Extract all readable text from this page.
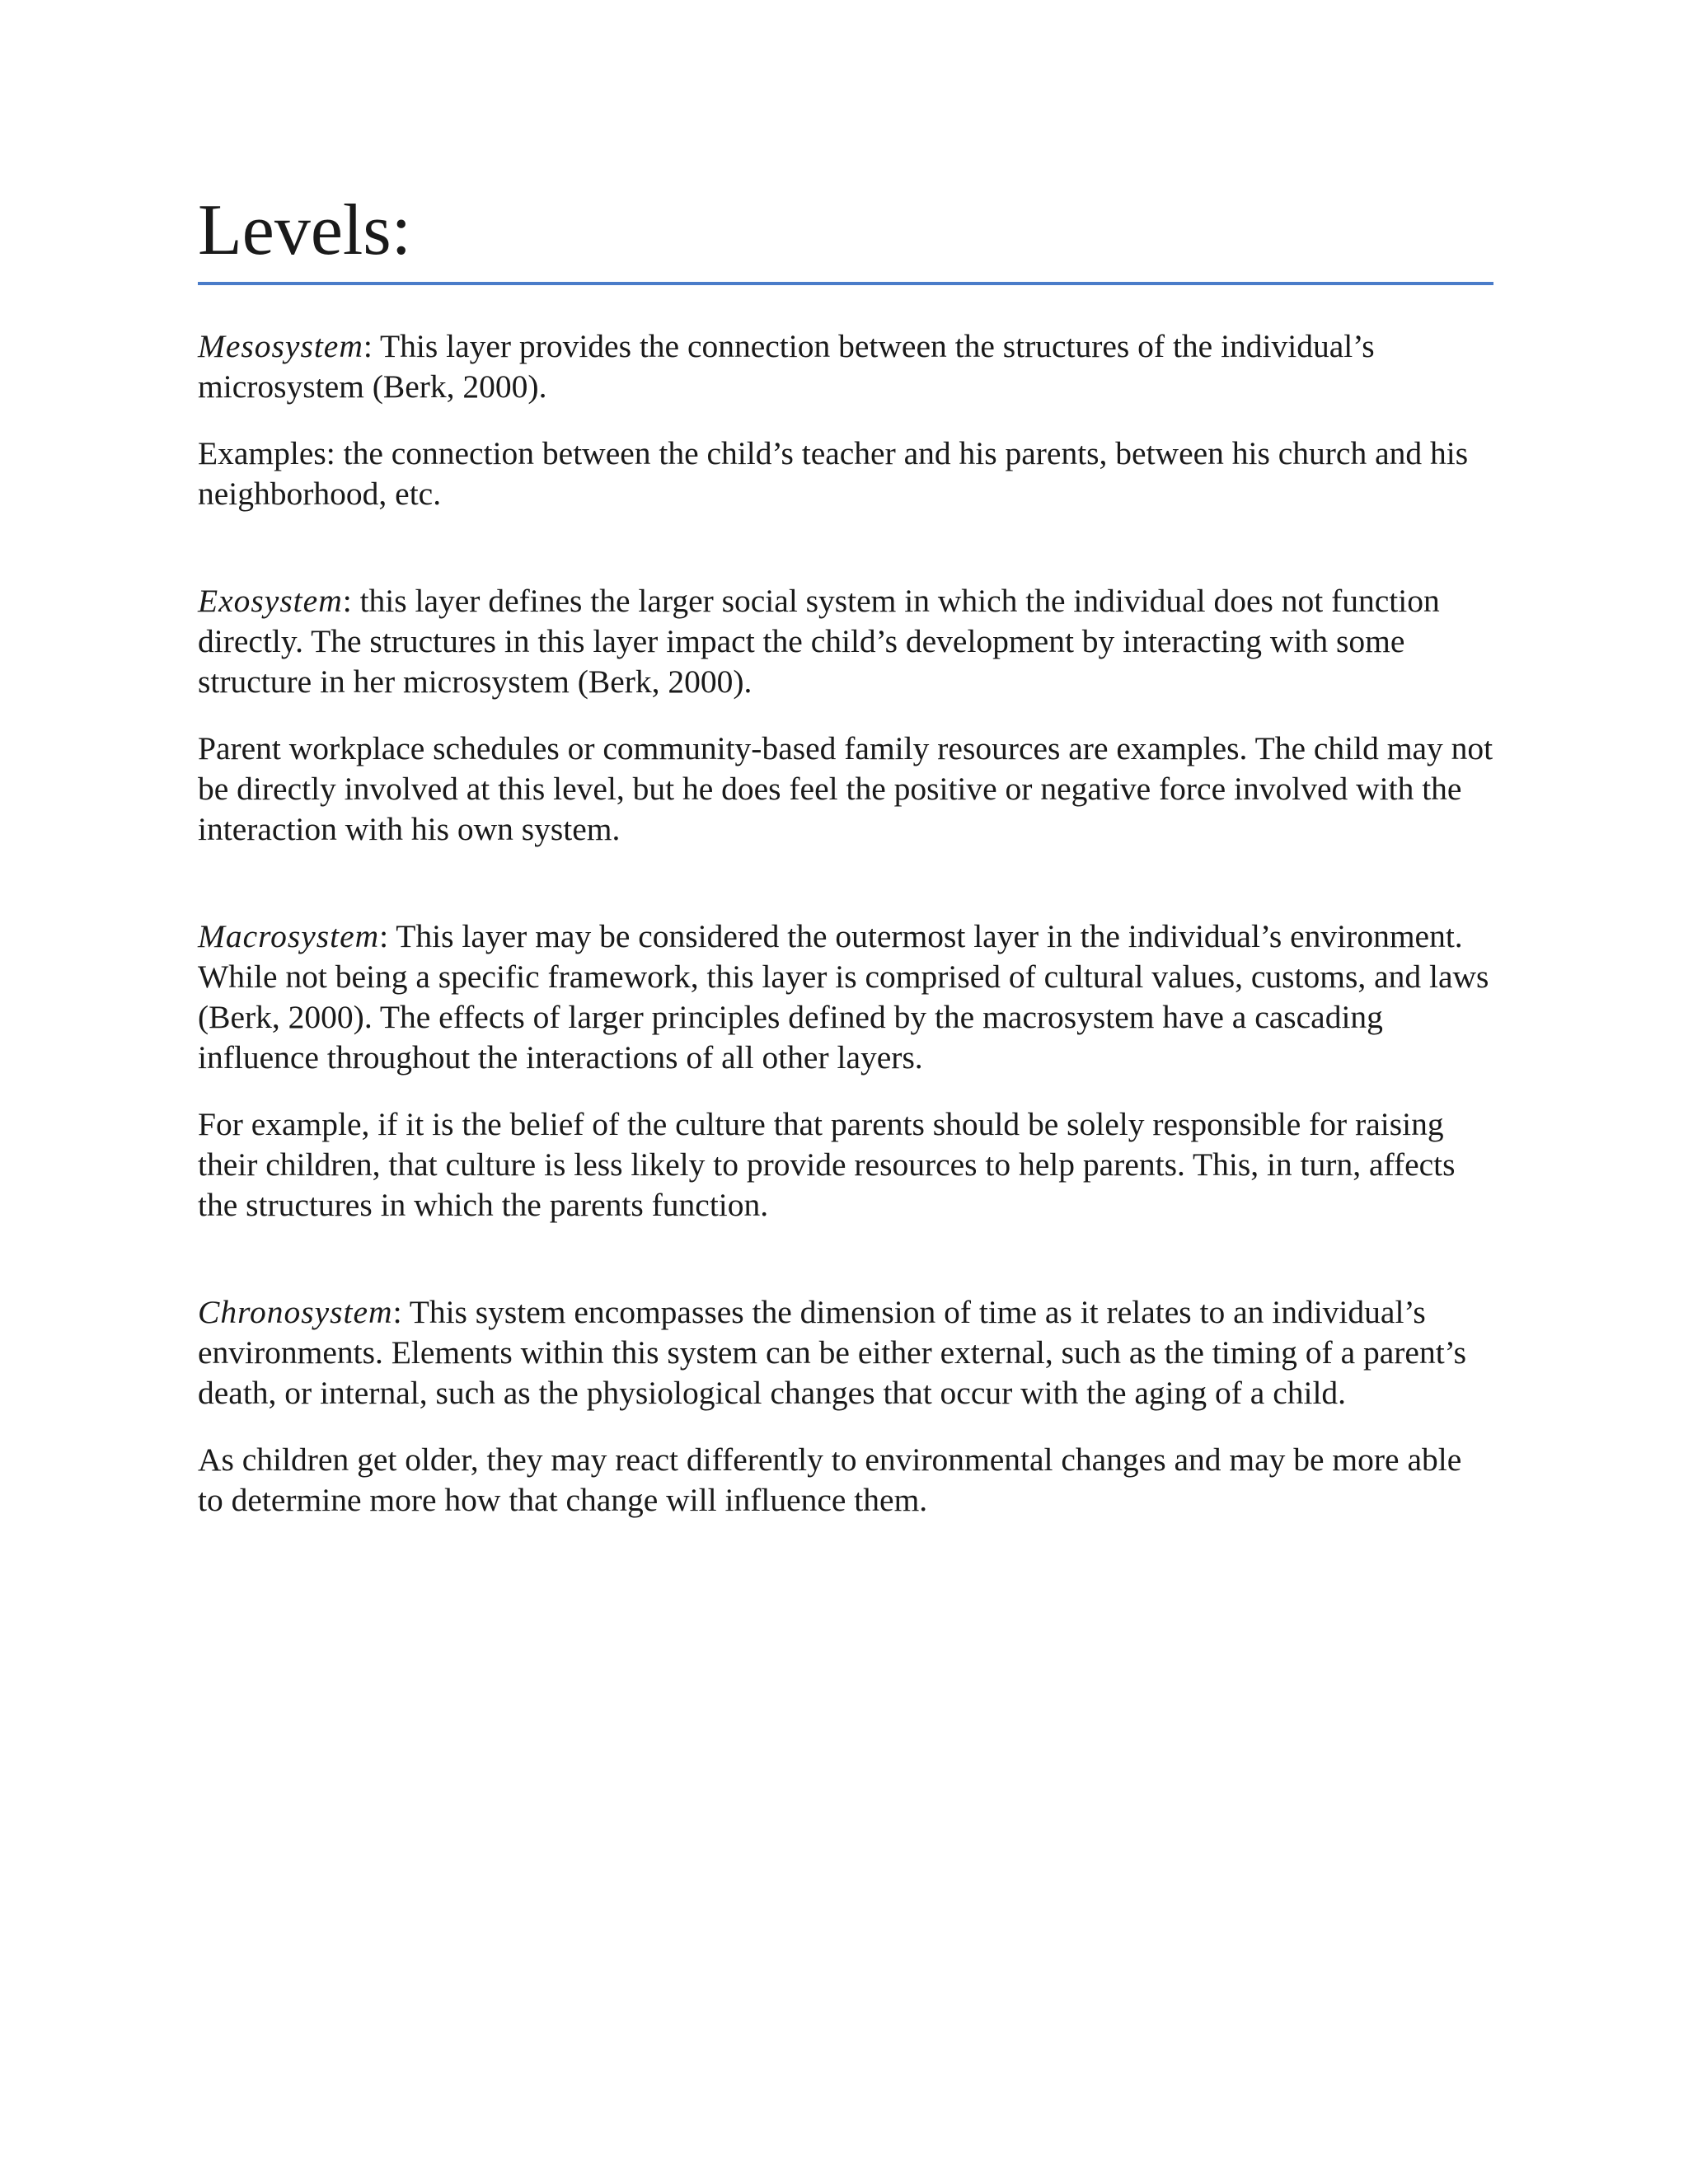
Levels:

Mesosystem: This layer provides the connection between the structures of the individual’s microsystem (Berk, 2000).

Examples: the connection between the child’s teacher and his parents, between his church and his neighborhood, etc.

Exosystem: this layer defines the larger social system in which the individual does not function directly. The structures in this layer impact the child’s development by interacting with some structure in her microsystem (Berk, 2000).

Parent workplace schedules or community-based family resources are examples. The child may not be directly involved at this level, but he does feel the positive or negative force involved with the interaction with his own system.

Macrosystem: This layer may be considered the outermost layer in the individual’s environment. While not being a specific framework, this layer is comprised of cultural values, customs, and laws (Berk, 2000). The effects of larger principles defined by the macrosystem have a cascading influence throughout the interactions of all other layers.

For example, if it is the belief of the culture that parents should be solely responsible for raising their children, that culture is less likely to provide resources to help parents. This, in turn, affects the structures in which the parents function.

Chronosystem: This system encompasses the dimension of time as it relates to an individual’s environments. Elements within this system can be either external, such as the timing of a parent’s death, or internal, such as the physiological changes that occur with the aging of a child.

As children get older, they may react differently to environmental changes and may be more able to determine more how that change will influence them.
